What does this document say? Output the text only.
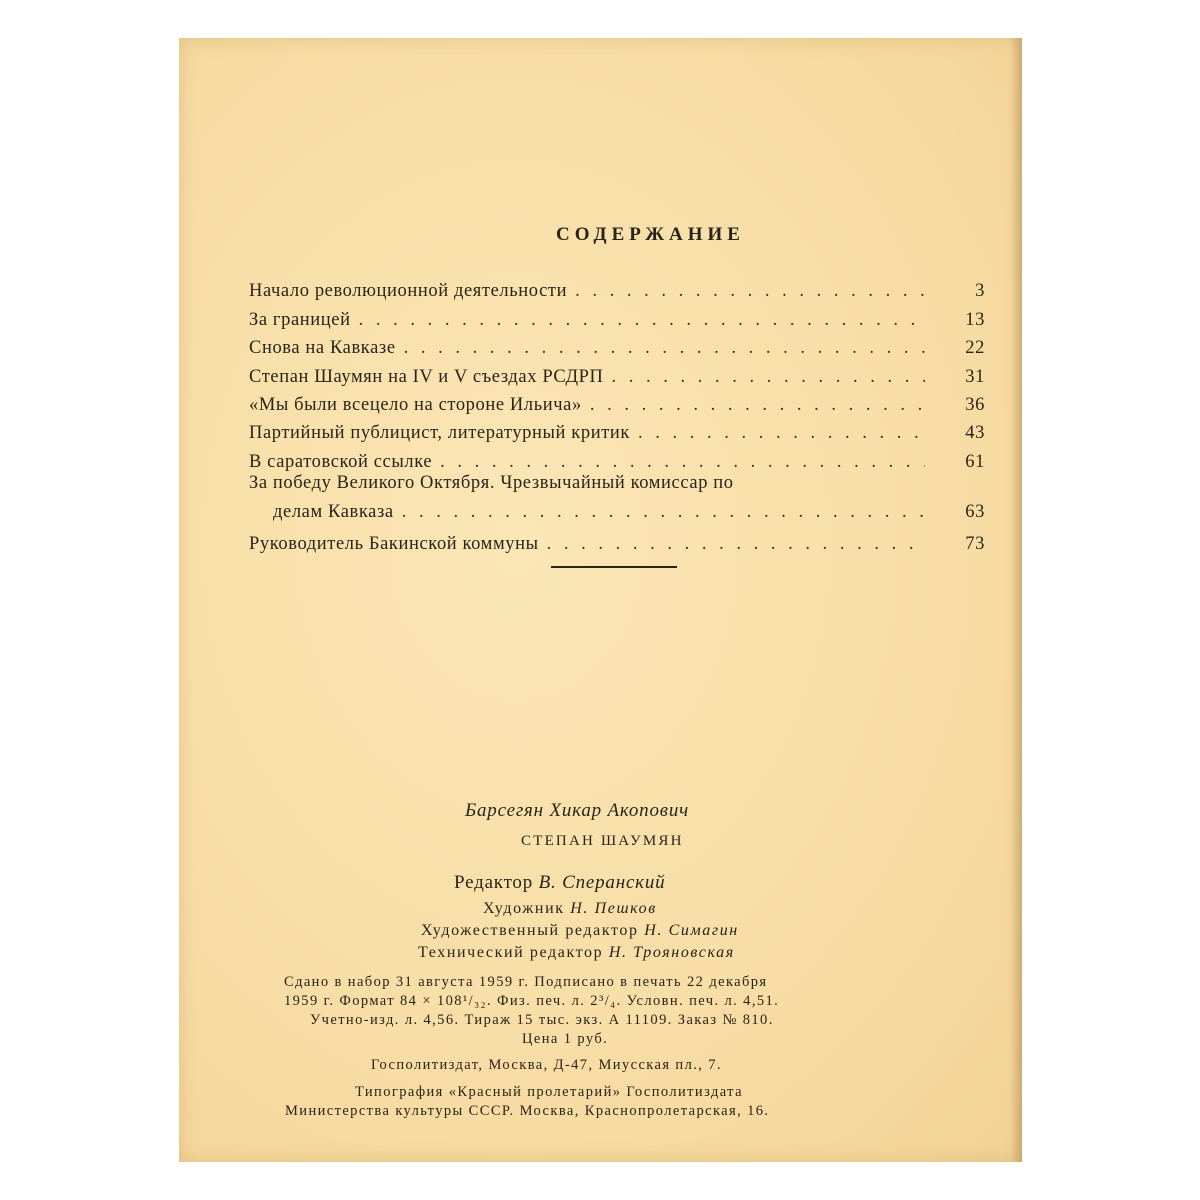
СОДЕРЖАНИЕ
Начало революционной деятельности . . .	3
За границей . . .	13
Снова на Кавказе . . .	22
Степан Шаумян на IV и V съездах РСДРП . . .	31
«Мы были всецело на стороне Ильича» . . .	36
Партийный публицист, литературный критик . . .	43
В саратовской ссылке . . .	61
За победу Великого Октября. Чрезвычайный комиссар по
делам Кавказа . . .	63
Руководитель Бакинской коммуны . . .	73
Барсегян Хикар Акопович
СТЕПАН ШАУМЯН
Редактор В. Сперанский
Художник Н. Пешков
Художественный редактор Н. Симагин
Технический редактор Н. Трояновская
Сдано в набор 31 августа 1959 г. Подписано в печать 22 декабря
1959 г. Формат 84 × 108¹/₃₂. Физ. печ. л. 2³/₄. Условн. печ. л. 4,51.
Учетно-изд. л. 4,56. Тираж 15 тыс. экз. А 11109. Заказ № 810.
Цена 1 руб.
Госполитиздат, Москва, Д-47, Миусская пл., 7.
Типография «Красный пролетарий» Госполитиздата
Министерства культуры СССР. Москва, Краснопролетарская, 16.
